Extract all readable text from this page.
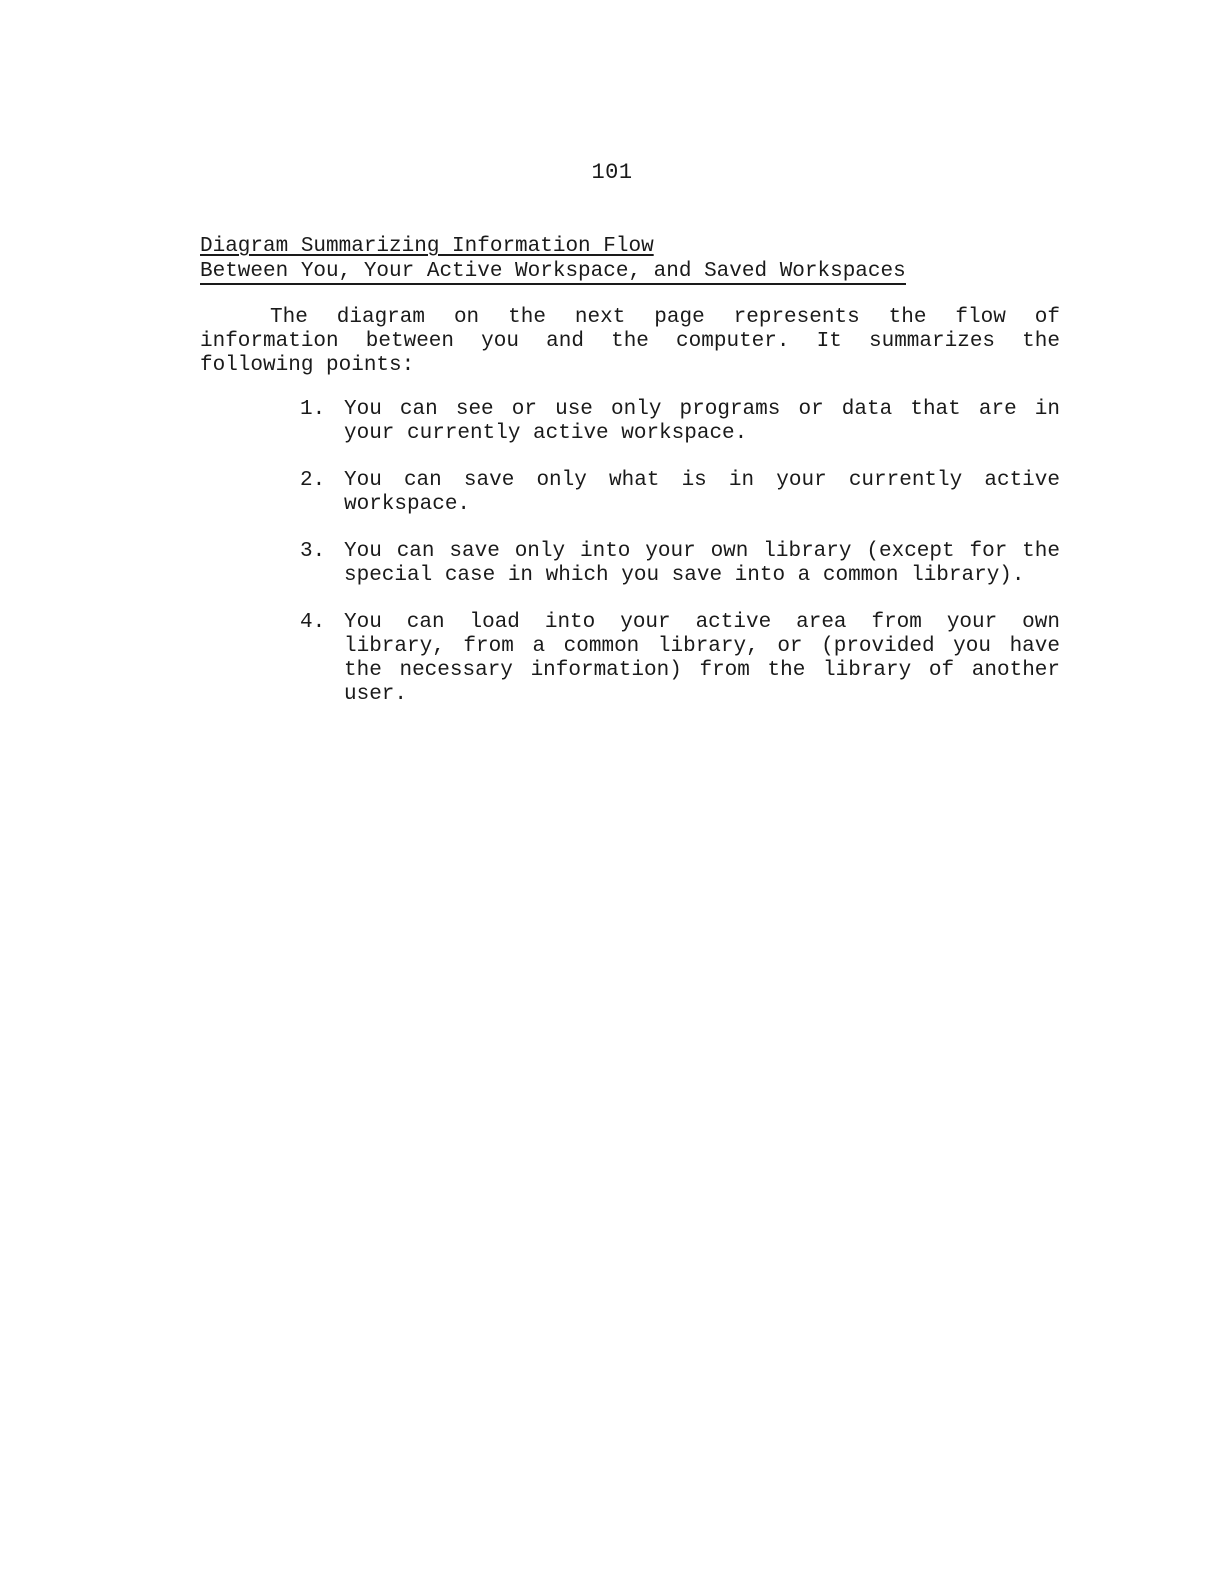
101
Diagram Summarizing Information Flow
Between You, Your Active Workspace, and Saved Workspaces

The diagram on the next page represents the flow of information between you and the computer. It summarizes the following points:

1. You can see or use only programs or data that are in your currently active workspace.
2. You can save only what is in your currently active workspace.
3. You can save only into your own library (except for the special case in which you save into a common library).
4. You can load into your active area from your own library, from a common library, or (provided you have the necessary information) from the library of another user.
